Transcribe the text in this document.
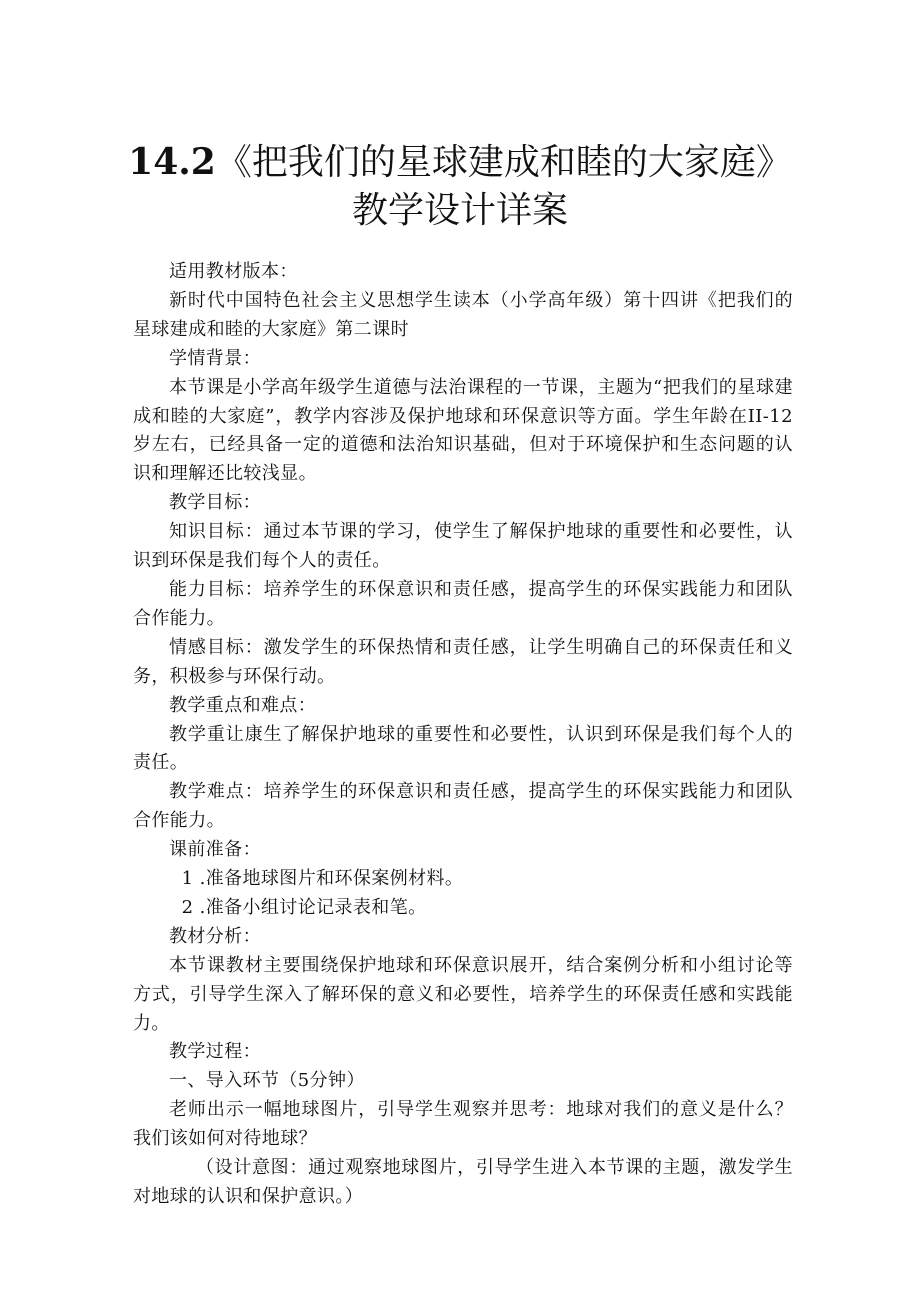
14.2《把我们的星球建成和睦的大家庭》教学设计详案

适用教材版本：

新时代中国特色社会主义思想学生读本（小学高年级）第十四讲《把我们的星球建成和睦的大家庭》第二课时

学情背景：

本节课是小学高年级学生道德与法治课程的一节课，主题为“把我们的星球建成和睦的大家庭”，教学内容涉及保护地球和环保意识等方面。学生年龄在II-12岁左右，已经具备一定的道德和法治知识基础，但对于环境保护和生态问题的认识和理解还比较浅显。

教学目标：

知识目标：通过本节课的学习，使学生了解保护地球的重要性和必要性，认识到环保是我们每个人的责任。

能力目标：培养学生的环保意识和责任感，提高学生的环保实践能力和团队合作能力。

情感目标：激发学生的环保热情和责任感，让学生明确自己的环保责任和义务，积极参与环保行动。

教学重点和难点：

教学重让康生了解保护地球的重要性和必要性，认识到环保是我们每个人的责任。

教学难点：培养学生的环保意识和责任感，提高学生的环保实践能力和团队合作能力。

课前准备：

1 .准备地球图片和环保案例材料。

2 .准备小组讨论记录表和笔。

教材分析：

本节课教材主要围绕保护地球和环保意识展开，结合案例分析和小组讨论等方式，引导学生深入了解环保的意义和必要性，培养学生的环保责任感和实践能力。

教学过程：

一、导入环节（5分钟）

老师出示一幅地球图片，引导学生观察并思考：地球对我们的意义是什么？我们该如何对待地球？

（设计意图：通过观察地球图片，引导学生进入本节课的主题，激发学生对地球的认识和保护意识。）
